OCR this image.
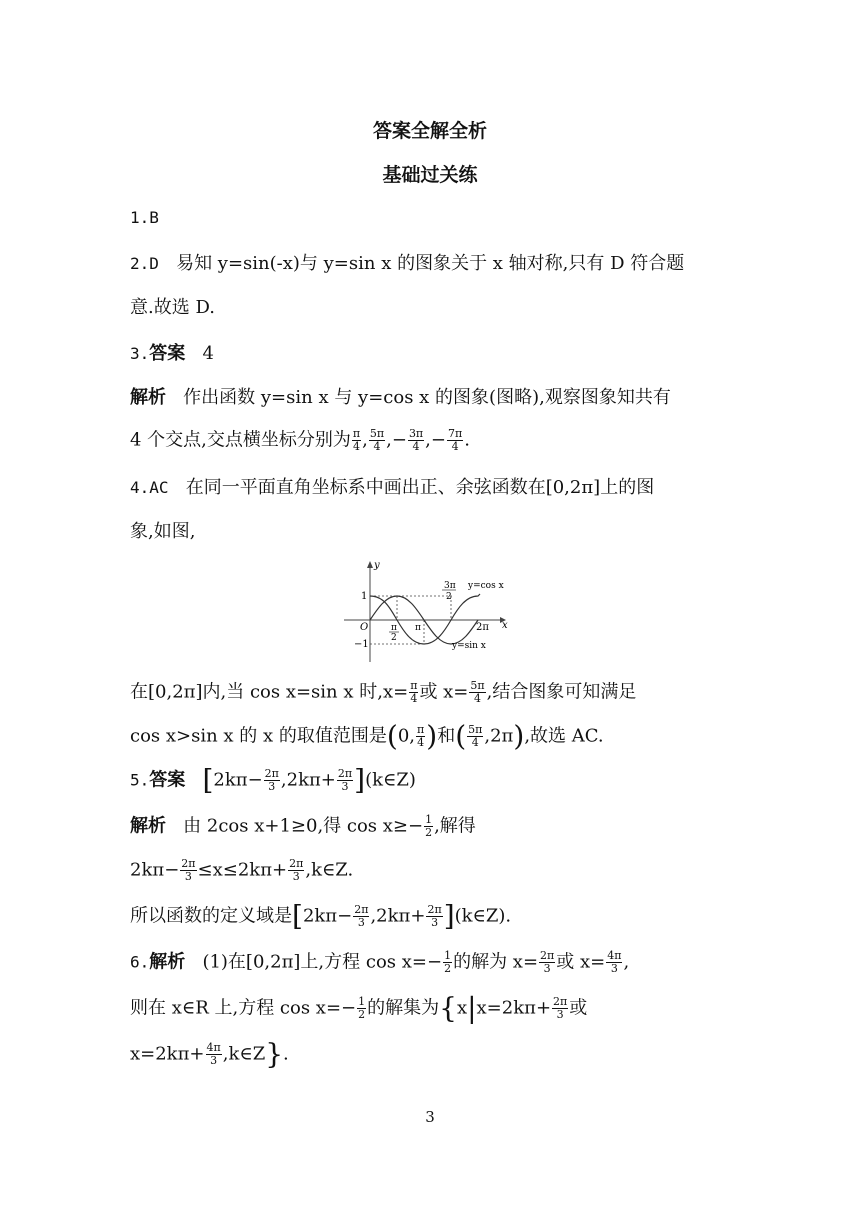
答案全解全析
基础过关练
1.B
2.D 易知 y=sin(-x)与 y=sin x 的图象关于 x 轴对称,只有 D 符合题
意.故选 D.
3.答案 4
解析 作出函数 y=sin x 与 y=cos x 的图象(图略),观察图象知共有
4 个交点,交点横坐标分别为 $\frac{\pi}{4}$ , $\frac{5\pi}{4}$ ,− $\frac{3\pi}{4}$ ,− $\frac{7\pi}{4}$ .
4.AC 在同一平面直角坐标系中画出正、余弦函数在[0,2π]上的图
象,如图,
y
x
O
1
−1
π
2
π
3π
2
2π
y=cos x
y=sin x
在[0,2π]内,当 cos x=sin x 时$,x= \frac{\pi}{4}$ 或 $x= \frac{5\pi}{4}$ ,结合图象可知满足
cos x>sin x 的 x 的取值范围是(0, $\frac{\pi}{4}$ )和( $\frac{5\pi}{4} ,2\pi$),故选 AC.
5.答案 [$2k\pi- \frac{2\pi}{3} ,2k\pi+ \frac{2\pi}{3}$ ](k∈Z)
解析 由 2cos x+1≥0,得 $\cos x\ge- \frac{1}{2}$ ,解得
$2k\pi- \frac{2\pi}{3} \le x\le 2k\pi+ \frac{2\pi}{3}$ ,k∈Z.
所以函数的定义域是[$2k\pi- \frac{2\pi}{3} ,2k\pi+ \frac{2\pi}{3}$ ](k∈Z).
6.解析 (1)在[0,2π]上,方程 $\cos x=- \frac{1}{2}$ 的解为 $x= \frac{2\pi}{3}$ 或 $x= \frac{4\pi}{3}$ ,
则在 x∈R 上,方程 $\cos x=- \frac{1}{2}$ 的解集为{$x|x=2k\pi+ \frac{2\pi}{3}$ 或
$x=2k\pi+ \frac{4\pi}{3}$ ,k∈Z}.
3
